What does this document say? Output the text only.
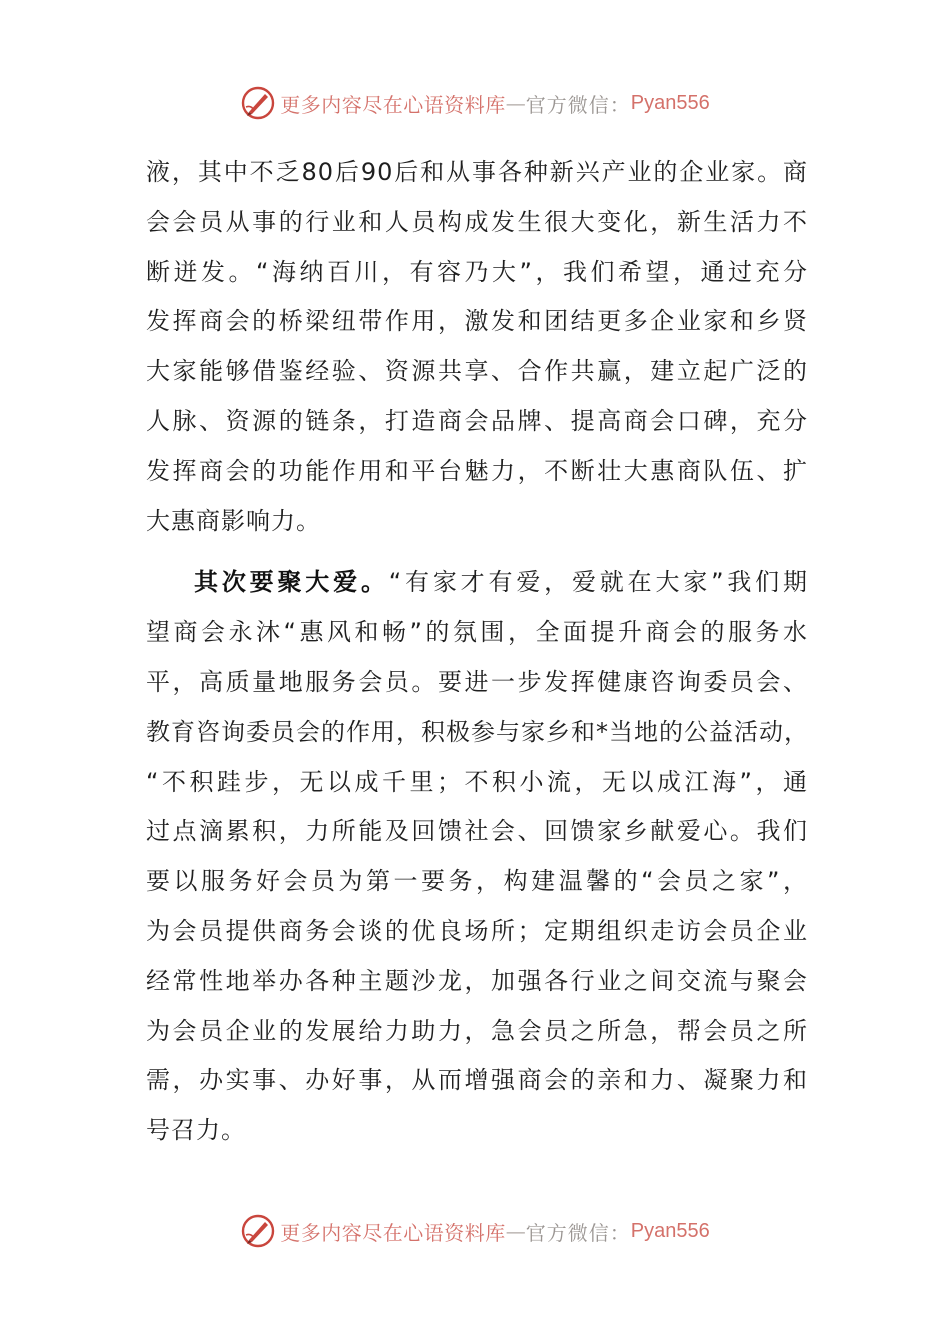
更多内容尽在心语资料库 — 官方微信： Pyan556
液，其中不乏80后90后和从事各种新兴产业的企业家。商
会会员从事的行业和人员构成发生很大变化，新生活力不
断迸发。“海纳百川，有容乃大”，我们希望，通过充分
发挥商会的桥梁纽带作用，激发和团结更多企业家和乡贤
大家能够借鉴经验、资源共享、合作共赢，建立起广泛的
人脉、资源的链条，打造商会品牌、提高商会口碑，充分
发挥商会的功能作用和平台魅力，不断壮大惠商队伍、扩
大惠商影响力。
其次要聚大爱。“有家才有爱，爱就在大家”我们期
望商会永沐“惠风和畅”的氛围，全面提升商会的服务水
平，高质量地服务会员。要进一步发挥健康咨询委员会、
教育咨询委员会的作用，积极参与家乡和*当地的公益活动，
“不积跬步，无以成千里；不积小流，无以成江海”，通
过点滴累积，力所能及回馈社会、回馈家乡献爱心。我们
要以服务好会员为第一要务，构建温馨的“会员之家”，
为会员提供商务会谈的优良场所；定期组织走访会员企业
经常性地举办各种主题沙龙，加强各行业之间交流与聚会
为会员企业的发展给力助力，急会员之所急，帮会员之所
需，办实事、办好事，从而增强商会的亲和力、凝聚力和
号召力。
更多内容尽在心语资料库 — 官方微信： Pyan556
